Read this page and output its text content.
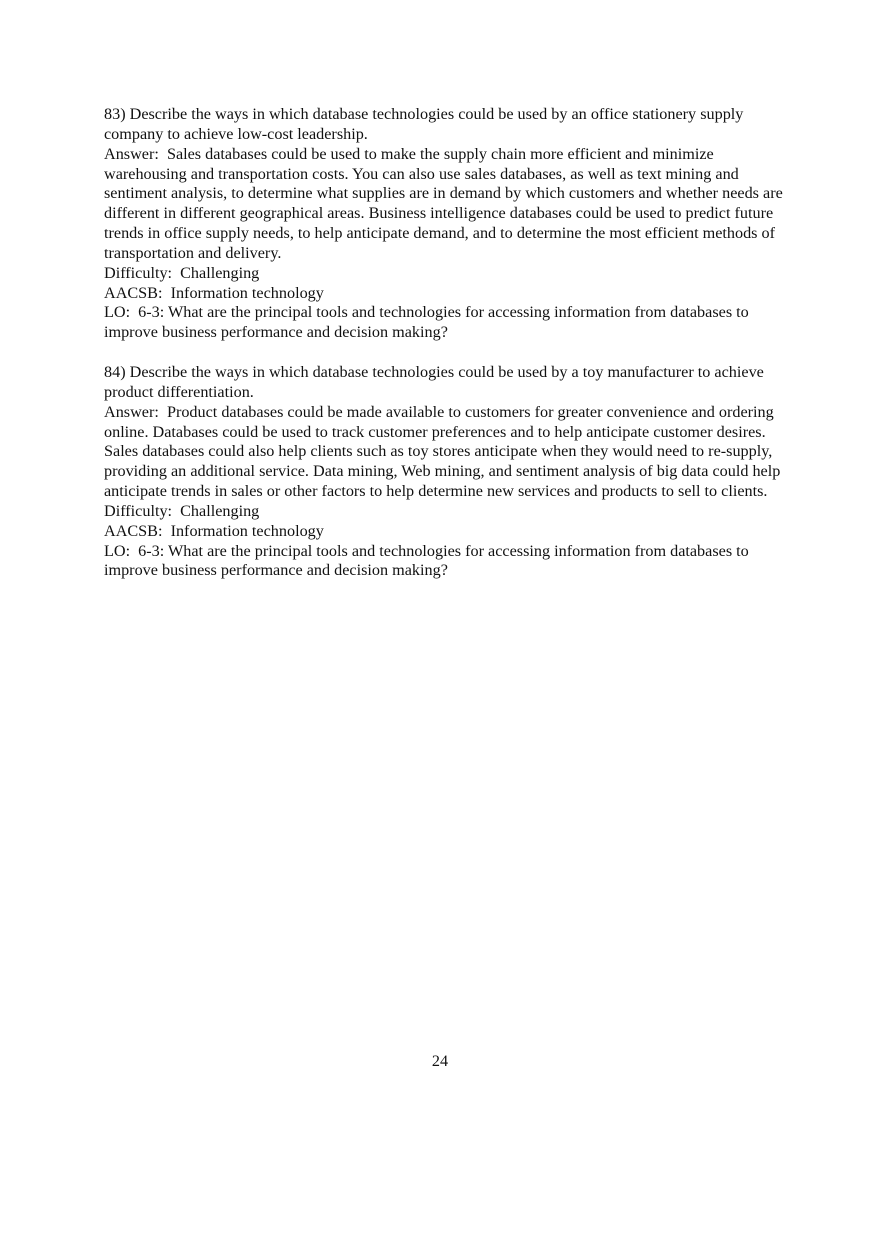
83) Describe the ways in which database technologies could be used by an office stationery supply company to achieve low-cost leadership.
Answer:  Sales databases could be used to make the supply chain more efficient and minimize warehousing and transportation costs. You can also use sales databases, as well as text mining and sentiment analysis, to determine what supplies are in demand by which customers and whether needs are different in different geographical areas. Business intelligence databases could be used to predict future trends in office supply needs, to help anticipate demand, and to determine the most efficient methods of transportation and delivery.
Difficulty:  Challenging
AACSB:  Information technology
LO:  6-3: What are the principal tools and technologies for accessing information from databases to improve business performance and decision making?
84) Describe the ways in which database technologies could be used by a toy manufacturer to achieve product differentiation.
Answer:  Product databases could be made available to customers for greater convenience and ordering online. Databases could be used to track customer preferences and to help anticipate customer desires. Sales databases could also help clients such as toy stores anticipate when they would need to re-supply, providing an additional service. Data mining, Web mining, and sentiment analysis of big data could help anticipate trends in sales or other factors to help determine new services and products to sell to clients.
Difficulty:  Challenging
AACSB:  Information technology
LO:  6-3: What are the principal tools and technologies for accessing information from databases to improve business performance and decision making?
24
